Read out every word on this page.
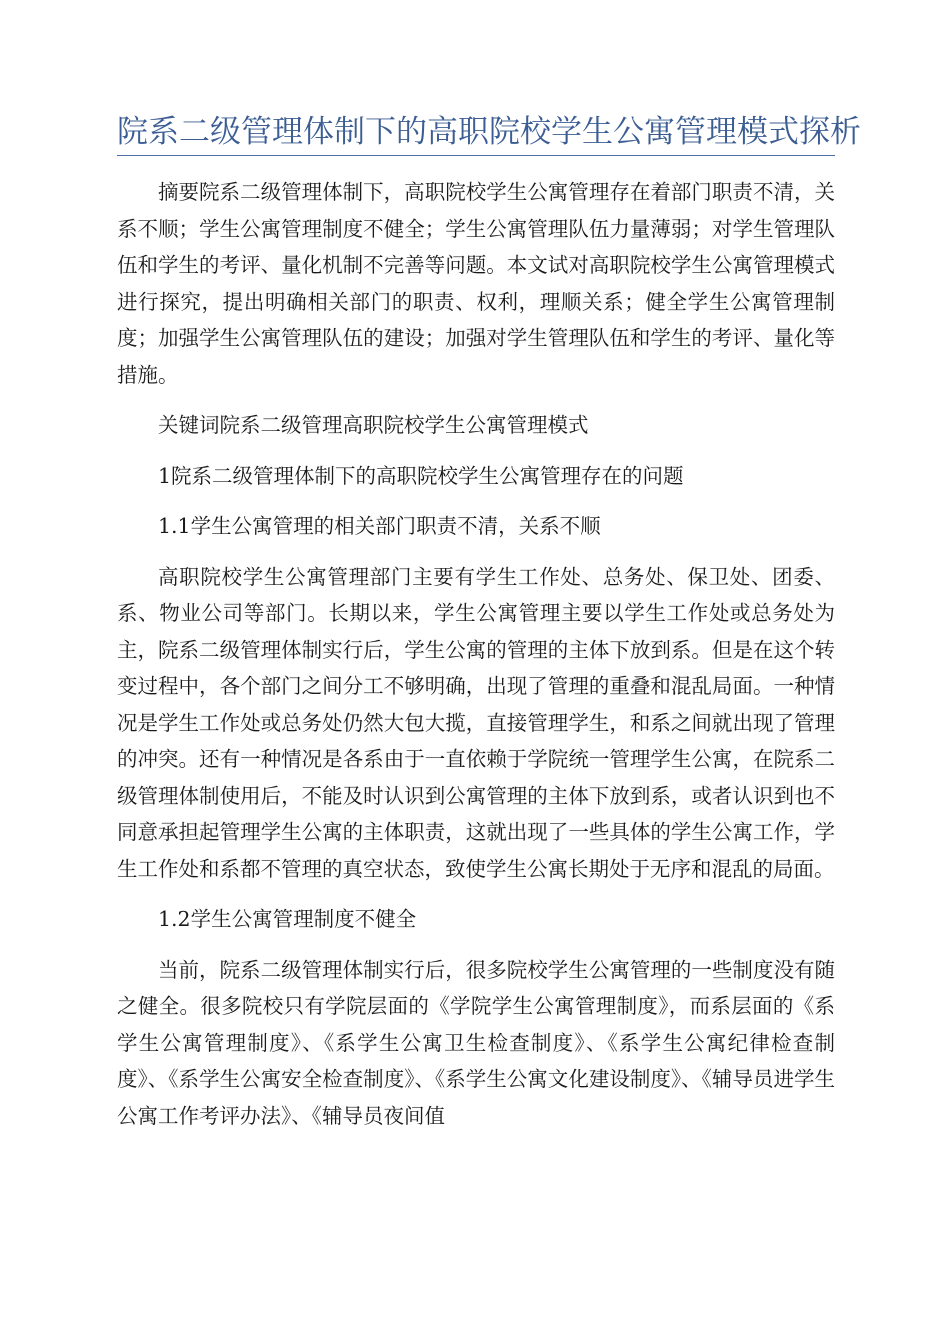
院系二级管理体制下的高职院校学生公寓管理模式探析

摘要院系二级管理体制下，高职院校学生公寓管理存在着部门职责不清，关系不顺；学生公寓管理制度不健全；学生公寓管理队伍力量薄弱；对学生管理队伍和学生的考评、量化机制不完善等问题。本文试对高职院校学生公寓管理模式进行探究，提出明确相关部门的职责、权利，理顺关系；健全学生公寓管理制度；加强学生公寓管理队伍的建设；加强对学生管理队伍和学生的考评、量化等措施。

关键词院系二级管理高职院校学生公寓管理模式

1院系二级管理体制下的高职院校学生公寓管理存在的问题

1.1学生公寓管理的相关部门职责不清，关系不顺

高职院校学生公寓管理部门主要有学生工作处、总务处、保卫处、团委、系、物业公司等部门。长期以来，学生公寓管理主要以学生工作处或总务处为主，院系二级管理体制实行后，学生公寓的管理的主体下放到系。但是在这个转变过程中，各个部门之间分工不够明确，出现了管理的重叠和混乱局面。一种情况是学生工作处或总务处仍然大包大揽，直接管理学生，和系之间就出现了管理的冲突。还有一种情况是各系由于一直依赖于学院统一管理学生公寓，在院系二级管理体制使用后，不能及时认识到公寓管理的主体下放到系，或者认识到也不同意承担起管理学生公寓的主体职责，这就出现了一些具体的学生公寓工作，学生工作处和系都不管理的真空状态，致使学生公寓长期处于无序和混乱的局面。

1.2学生公寓管理制度不健全

当前，院系二级管理体制实行后，很多院校学生公寓管理的一些制度没有随之健全。很多院校只有学院层面的《学院学生公寓管理制度》，而系层面的《系学生公寓管理制度》、《系学生公寓卫生检查制度》、《系学生公寓纪律检查制度》、《系学生公寓安全检查制度》、《系学生公寓文化建设制度》、《辅导员进学生公寓工作考评办法》、《辅导员夜间值
